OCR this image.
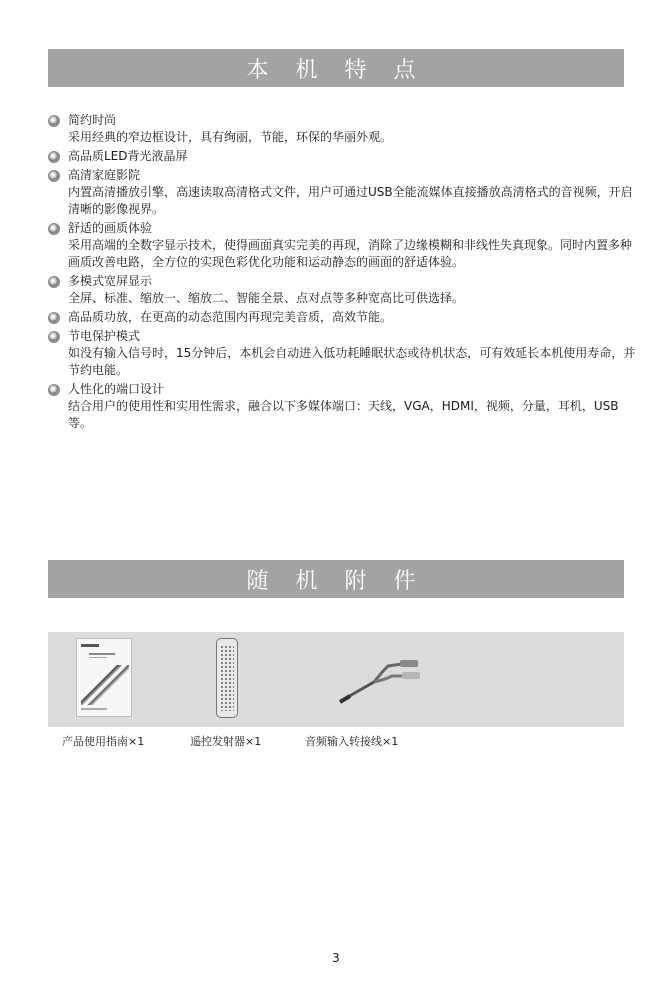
本 机 特 点
简约时尚
采用经典的窄边框设计，具有绚丽，节能，环保的华丽外观。
高品质LED背光液晶屏
高清家庭影院
内置高清播放引擎，高速读取高清格式文件，用户可通过USB全能流媒体直接播放高清格式的音视频，开启清晰的影像视界。
舒适的画质体验
采用高端的全数字显示技术，使得画面真实完美的再现，消除了边缘模糊和非线性失真现象。同时内置多种画质改善电路，全方位的实现色彩优化功能和运动静态的画面的舒适体验。
多模式宽屏显示
全屏、标准、缩放一、缩放二、智能全景、点对点等多种宽高比可供选择。
高品质功放，在更高的动态范围内再现完美音质，高效节能。
节电保护模式
如没有输入信号时，15分钟后，本机会自动进入低功耗睡眠状态或待机状态，可有效延长本机使用寿命，并节约电能。
人性化的端口设计
结合用户的使用性和实用性需求，融合以下多媒体端口：天线，VGA，HDMI，视频，分量，耳机，USB等。
随 机 附 件
产品使用指南×1	遥控发射器×1	音频输入转接线×1
3
